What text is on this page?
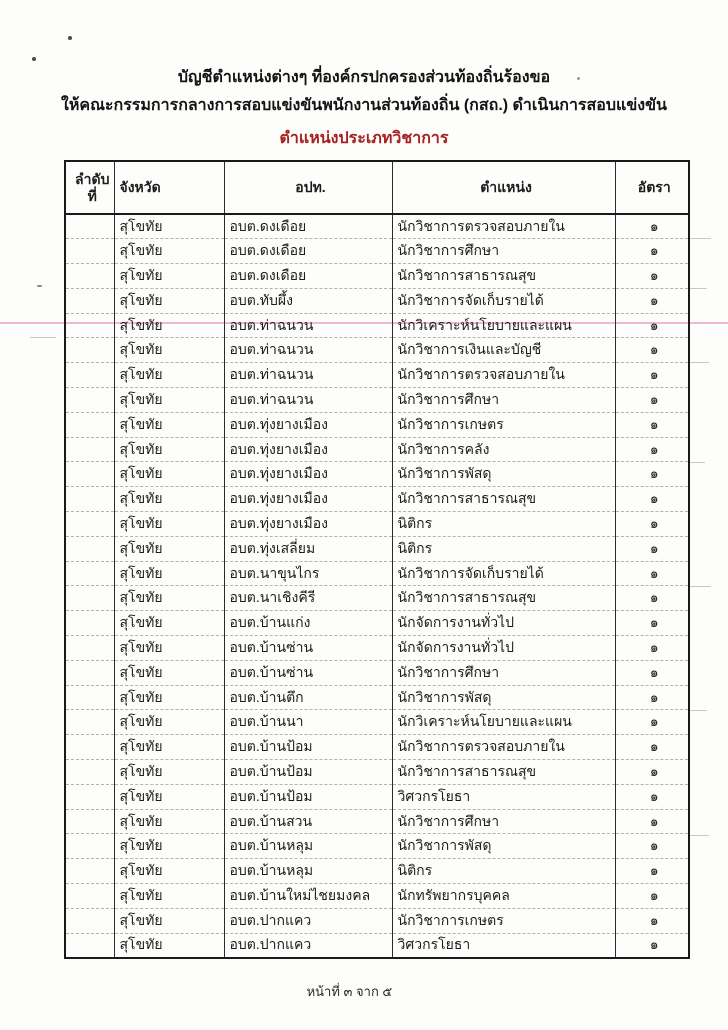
บัญชีตำแหน่งต่างๆ ที่องค์กรปกครองส่วนท้องถิ่นร้องขอ
ให้คณะกรรมการกลางการสอบแข่งขันพนักงานส่วนท้องถิ่น (กสถ.) ดำเนินการสอบแข่งขัน
ตำแหน่งประเภทวิชาการ
ลำดับ
ที่	จังหวัด	อปท.	ตำแหน่ง	อัตรา
	สุโขทัย	อบต.ดงเดือย	นักวิชาการตรวจสอบภายใน	๑
	สุโขทัย	อบต.ดงเดือย	นักวิชาการศึกษา	๑
	สุโขทัย	อบต.ดงเดือย	นักวิชาการสาธารณสุข	๑
	สุโขทัย	อบต.ทับผึ้ง	นักวิชาการจัดเก็บรายได้	๑
	สุโขทัย	อบต.ท่าฉนวน	นักวิเคราะห์นโยบายและแผน	๑
	สุโขทัย	อบต.ท่าฉนวน	นักวิชาการเงินและบัญชี	๑
	สุโขทัย	อบต.ท่าฉนวน	นักวิชาการตรวจสอบภายใน	๑
	สุโขทัย	อบต.ท่าฉนวน	นักวิชาการศึกษา	๑
	สุโขทัย	อบต.ทุ่งยางเมือง	นักวิชาการเกษตร	๑
	สุโขทัย	อบต.ทุ่งยางเมือง	นักวิชาการคลัง	๑
	สุโขทัย	อบต.ทุ่งยางเมือง	นักวิชาการพัสดุ	๑
	สุโขทัย	อบต.ทุ่งยางเมือง	นักวิชาการสาธารณสุข	๑
	สุโขทัย	อบต.ทุ่งยางเมือง	นิติกร	๑
	สุโขทัย	อบต.ทุ่งเสลี่ยม	นิติกร	๑
	สุโขทัย	อบต.นาขุนไกร	นักวิชาการจัดเก็บรายได้	๑
	สุโขทัย	อบต.นาเชิงคีรี	นักวิชาการสาธารณสุข	๑
	สุโขทัย	อบต.บ้านแก่ง	นักจัดการงานทั่วไป	๑
	สุโขทัย	อบต.บ้านซ่าน	นักจัดการงานทั่วไป	๑
	สุโขทัย	อบต.บ้านซ่าน	นักวิชาการศึกษา	๑
	สุโขทัย	อบต.บ้านตึก	นักวิชาการพัสดุ	๑
	สุโขทัย	อบต.บ้านนา	นักวิเคราะห์นโยบายและแผน	๑
	สุโขทัย	อบต.บ้านป้อม	นักวิชาการตรวจสอบภายใน	๑
	สุโขทัย	อบต.บ้านป้อม	นักวิชาการสาธารณสุข	๑
	สุโขทัย	อบต.บ้านป้อม	วิศวกรโยธา	๑
	สุโขทัย	อบต.บ้านสวน	นักวิชาการศึกษา	๑
	สุโขทัย	อบต.บ้านหลุม	นักวิชาการพัสดุ	๑
	สุโขทัย	อบต.บ้านหลุม	นิติกร	๑
	สุโขทัย	อบต.บ้านใหม่ไชยมงคล	นักทรัพยากรบุคคล	๑
	สุโขทัย	อบต.ปากแคว	นักวิชาการเกษตร	๑
	สุโขทัย	อบต.ปากแคว	วิศวกรโยธา	๑
หน้าที่ ๓ จาก ๕
